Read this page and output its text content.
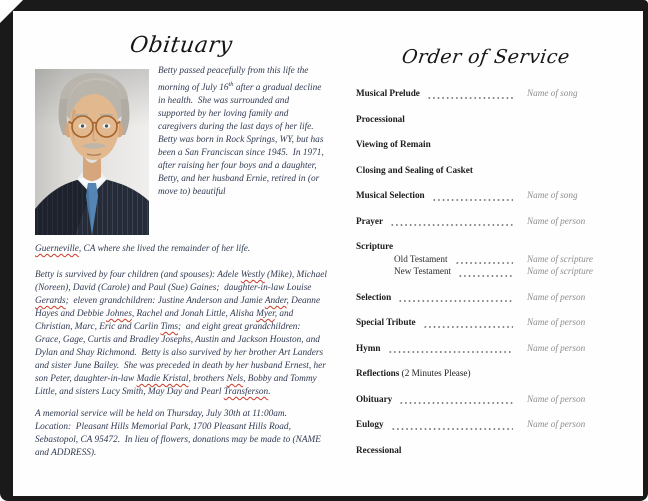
Obituary

Betty passed peacefully from this life the morning of July 16th after a gradual decline in health.  She was surrounded and supported by her loving family and caregivers during the last days of her life.  Betty was born in Rock Springs, WY, but has been a San Franciscan since 1945.  In 1971, after raising her four boys and a daughter, Betty, and her husband Ernie, retired in (or move to) beautiful

Guerneville, CA where she lived the remainder of her life.

Betty is survived by four children (and spouses): Adele Westly (Mike), Michael (Noreen), David (Carole) and Paul (Sue) Gaines;  daughter-in-law Louise Gerards;  eleven grandchildren: Justine Anderson and Jamie Ander, Deanne Hayes and Debbie Johnes, Rachel and Jonah Little, Alisha Myer, and Christian, Marc, Eric and Carlin Tims;  and eight great grandchildren: Grace, Gage, Curtis and Bradley Josephs, Austin and Jackson Houston, and Dylan and Shay Richmond.  Betty is also survived by her brother Art Landers and sister June Bailey.  She was preceded in death by her husband Ernest, her son Peter, daughter-in-law Madie Kristal, brothers Nels, Bobby and Tommy Little, and sisters Lucy Smith, May Day and Pearl Transferson.

A memorial service will be held on Thursday, July 30th at 11:00am.  Location:  Pleasant Hills Memorial Park, 1700 Pleasant Hills Road, Sebastopol, CA 95472.  In lieu of flowers, donations may be made to (NAME and ADDRESS).

Order of Service
Musical Prelude	Name of song
Processional
Viewing of Remain
Closing and Sealing of Casket
Musical Selection	Name of song
Prayer	Name of person
Scripture
Old Testament	Name of scripture
New Testament	Name of scripture
Selection	Name of person
Special Tribute	Name of person
Hymn	Name of person
Reflections (2 Minutes Please)
Obituary	Name of person
Eulogy	Name of person
Recessional
